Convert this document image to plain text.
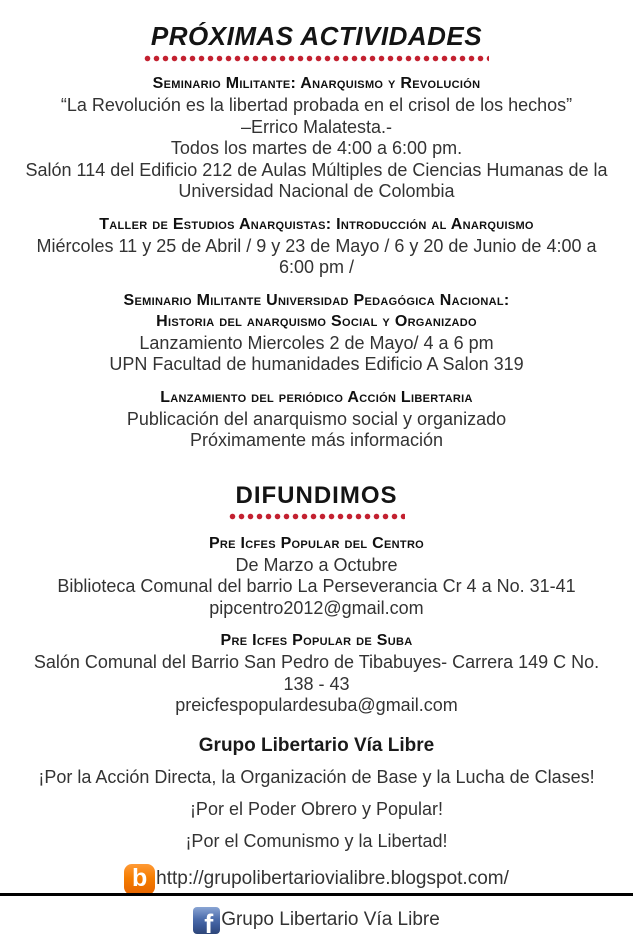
PRÓXIMAS ACTIVIDADES
Seminario Militante: Anarquismo y Revolución

“La Revolución es la libertad probada en el crisol de los hechos”

–Errico Malatesta.-

Todos los martes de 4:00 a 6:00 pm.

Salón 114 del Edificio 212 de Aulas Múltiples de Ciencias Humanas de la Universidad Nacional de Colombia

Taller de Estudios Anarquistas: Introducción al Anarquismo

Miércoles 11 y 25 de Abril / 9 y 23 de Mayo / 6 y 20 de Junio de 4:00 a 6:00 pm /

Seminario Militante Universidad Pedagógica Nacional:
Historia del anarquismo Social y Organizado

Lanzamiento Miercoles 2 de Mayo/ 4 a 6 pm

UPN Facultad de humanidades Edificio A Salon 319

Lanzamiento del periódico Acción Libertaria

Publicación del anarquismo social y organizado

Próximamente más información

DIFUNDIMOS
Pre Icfes Popular del Centro

De Marzo a Octubre

Biblioteca Comunal del barrio La Perseverancia Cr 4 a No. 31-41

pipcentro2012@gmail.com

Pre Icfes Popular de Suba

Salón Comunal del Barrio San Pedro de Tibabuyes- Carrera 149 C No. 138 - 43

preicfespopulardesuba@gmail.com

Grupo Libertario Vía Libre

¡Por la Acción Directa, la Organización de Base y la Lucha de Clases!

¡Por el Poder Obrero y Popular!

¡Por el Comunismo y la Libertad!

b http://grupolibertariovialibre.blogspot.com/
f Grupo Libertario Vía Libre
